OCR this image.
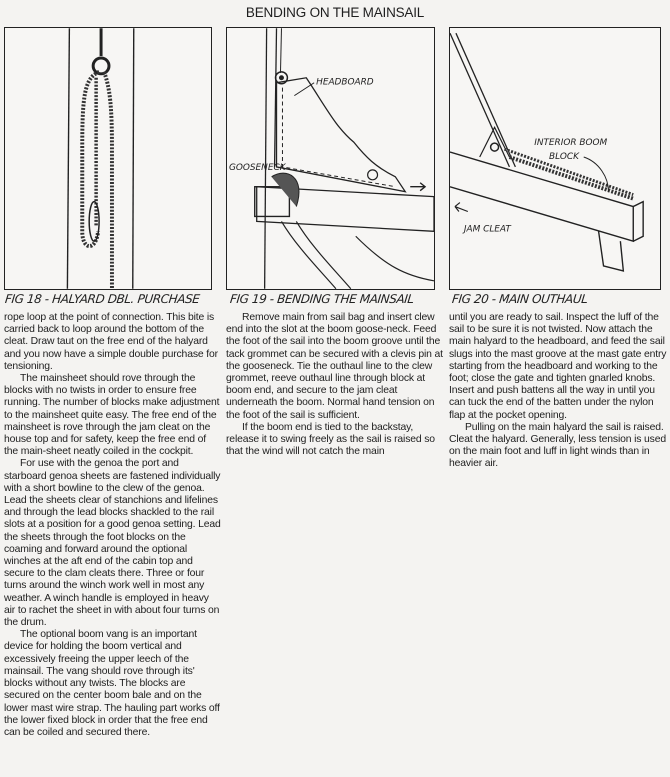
BENDING ON THE MAINSAIL
HEADBOARD
GOOSENECK
INTERIOR BOOM
BLOCK
JAM CLEAT
FIG 18 - HALYARD DBL. PURCHASE FIG 19 - BENDING THE MAINSAIL	FIG 20 - MAIN OUTHAUL

rope loop at the point of connection. This bite is carried back to loop around the bottom of the cleat. Draw taut on the free end of the halyard and you now have a simple double purchase for tensioning.

The mainsheet should rove through the blocks with no twists in order to ensure free running. The number of blocks make adjustment to the mainsheet quite easy. The free end of the mainsheet is rove through the jam cleat on the house top and for safety, keep the free end of the main-sheet neatly coiled in the cockpit.

For use with the genoa the port and starboard genoa sheets are fastened individually with a short bowline to the clew of the genoa. Lead the sheets clear of stanchions and lifelines and through the lead blocks shackled to the rail slots at a position for a good genoa setting. Lead the sheets through the foot blocks on the coaming and forward around the optional winches at the aft end of the cabin top and secure to the clam cleats there. Three or four turns around the winch work well in most any weather. A winch handle is employed in heavy air to rachet the sheet in with about four turns on the drum.

The optional boom vang is an important device for holding the boom vertical and excessively freeing the upper leech of the mainsail. The vang should rove through its' blocks without any twists. The blocks are secured on the center boom bale and on the lower mast wire strap. The hauling part works off the lower fixed block in order that the free end can be coiled and secured there.

Remove main from sail bag and insert clew end into the slot at the boom goose-neck. Feed the foot of the sail into the boom groove until the tack grommet can be secured with a clevis pin at the gooseneck. Tie the outhaul line to the clew grommet, reeve outhaul line through block at boom end, and secure to the jam cleat underneath the boom. Normal hand tension on the foot of the sail is sufficient.

If the boom end is tied to the backstay, release it to swing freely as the sail is raised so that the wind will not catch the main

until you are ready to sail. Inspect the luff of the sail to be sure it is not twisted. Now attach the main halyard to the headboard, and feed the sail slugs into the mast groove at the mast gate entry starting from the headboard and working to the foot; close the gate and tighten gnarled knobs. Insert and push battens all the way in until you can tuck the end of the batten under the nylon flap at the pocket opening.

Pulling on the main halyard the sail is raised. Cleat the halyard. Generally, less tension is used on the main foot and luff in light winds than in heavier air.
